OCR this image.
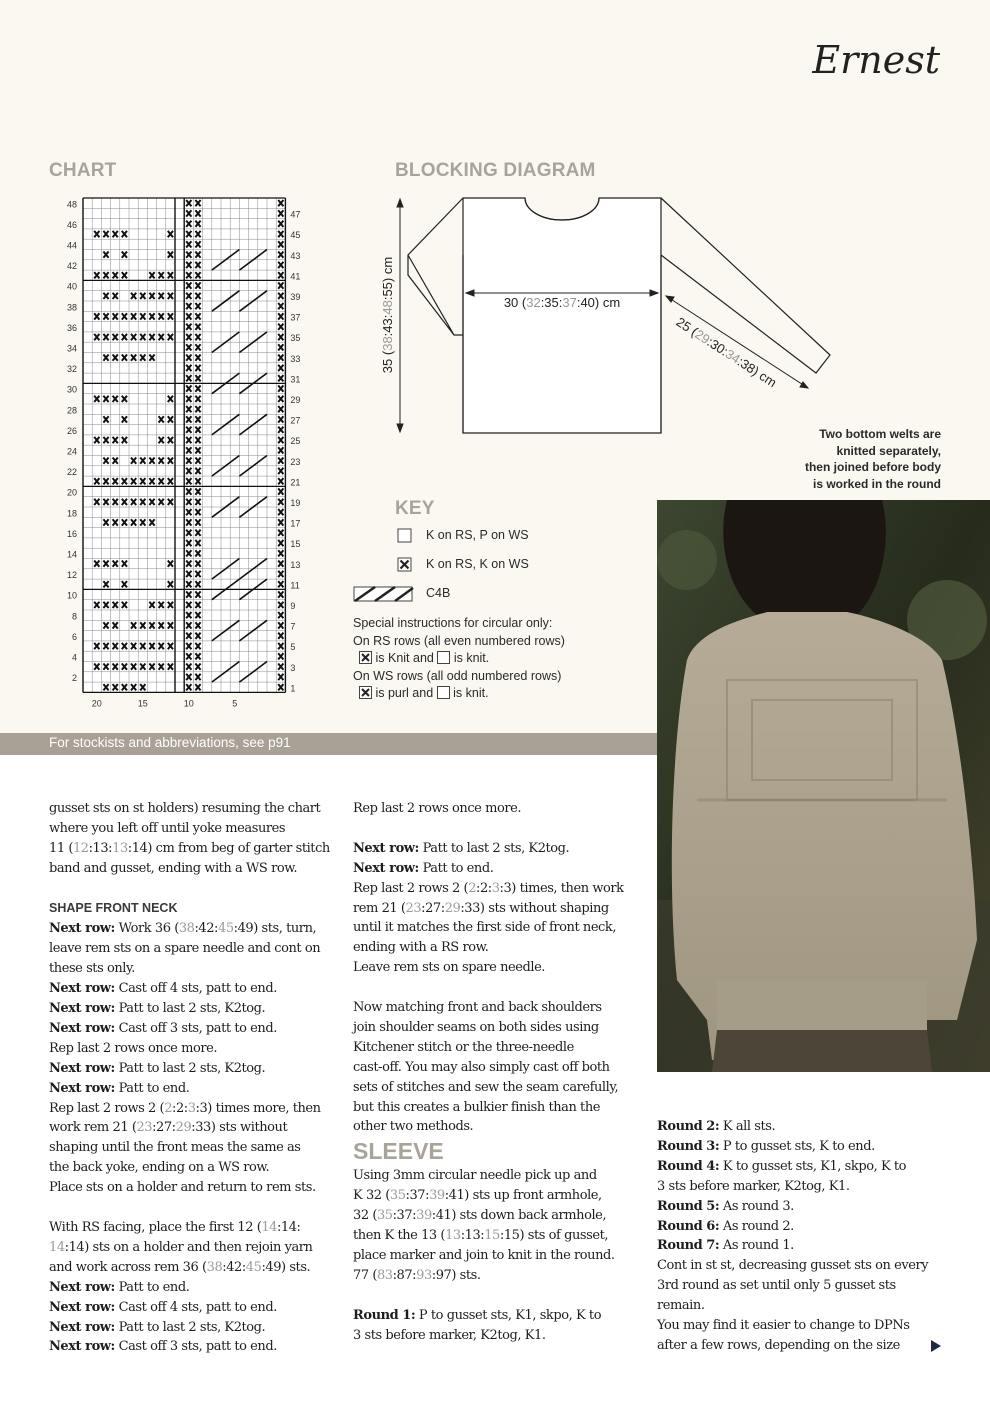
Ernest
CHART	BLOCKING DIAGRAM
48
46
44
42
40
38
36
34
32
30
28
26
24
22
20
18
16
14
12
10
8
6
4
2
47
45
43
41
39
37
35
33
31
29
27
25
23
21
19
17
15
13
11
9
7
5
3
1
20	15	10	5
30 (32:35:37:40) cm
35 (38:43:48:55) cm
25 (29:30:34:38) cm
Two bottom welts are
knitted separately,
then joined before body
is worked in the round
KEY
K on RS, P on WS
K on RS, K on WS
C4B
Special instructions for circular only:
On RS rows (all even numbered rows)
is Knit and is knit.
On WS rows (all odd numbered rows)
is purl and is knit.
For stockists and abbreviations, see p91

gusset sts on st holders) resuming the chart

where you left off until yoke measures

11 (12:13:13:14) cm from beg of garter stitch

band and gusset, ending with a WS row.

SHAPE FRONT NECK

Next row: Work 36 (38:42:45:49) sts, turn,

leave rem sts on a spare needle and cont on

these sts only.

Next row: Cast off 4 sts, patt to end.

Next row: Patt to last 2 sts, K2tog.

Next row: Cast off 3 sts, patt to end.

Rep last 2 rows once more.

Next row: Patt to last 2 sts, K2tog.

Next row: Patt to end.

Rep last 2 rows 2 (2:2:3:3) times more, then

work rem 21 (23:27:29:33) sts without

shaping until the front meas the same as

the back yoke, ending on a WS row.

Place sts on a holder and return to rem sts.

With RS facing, place the first 12 (14:14:

14:14) sts on a holder and then rejoin yarn

and work across rem 36 (38:42:45:49) sts.

Next row: Patt to end.

Next row: Cast off 4 sts, patt to end.

Next row: Patt to last 2 sts, K2tog.

Next row: Cast off 3 sts, patt to end.

Rep last 2 rows once more.

Next row: Patt to last 2 sts, K2tog.

Next row: Patt to end.

Rep last 2 rows 2 (2:2:3:3) times, then work

rem 21 (23:27:29:33) sts without shaping

until it matches the first side of front neck,

ending with a RS row.

Leave rem sts on spare needle.

Now matching front and back shoulders

join shoulder seams on both sides using

Kitchener stitch or the three-needle

cast-off. You may also simply cast off both

sets of stitches and sew the seam carefully,

but this creates a bulkier finish than the

other two methods.

SLEEVE

Using 3mm circular needle pick up and

K 32 (35:37:39:41) sts up front armhole,

32 (35:37:39:41) sts down back armhole,

then K the 13 (13:13:15:15) sts of gusset,

place marker and join to knit in the round.

77 (83:87:93:97) sts.

Round 1: P to gusset sts, K1, skpo, K to

3 sts before marker, K2tog, K1.

Round 2: K all sts.

Round 3: P to gusset sts, K to end.

Round 4: K to gusset sts, K1, skpo, K to

3 sts before marker, K2tog, K1.

Round 5: As round 3.

Round 6: As round 2.

Round 7: As round 1.

Cont in st st, decreasing gusset sts on every

3rd round as set until only 5 gusset sts

remain.

You may find it easier to change to DPNs

after a few rows, depending on the size
